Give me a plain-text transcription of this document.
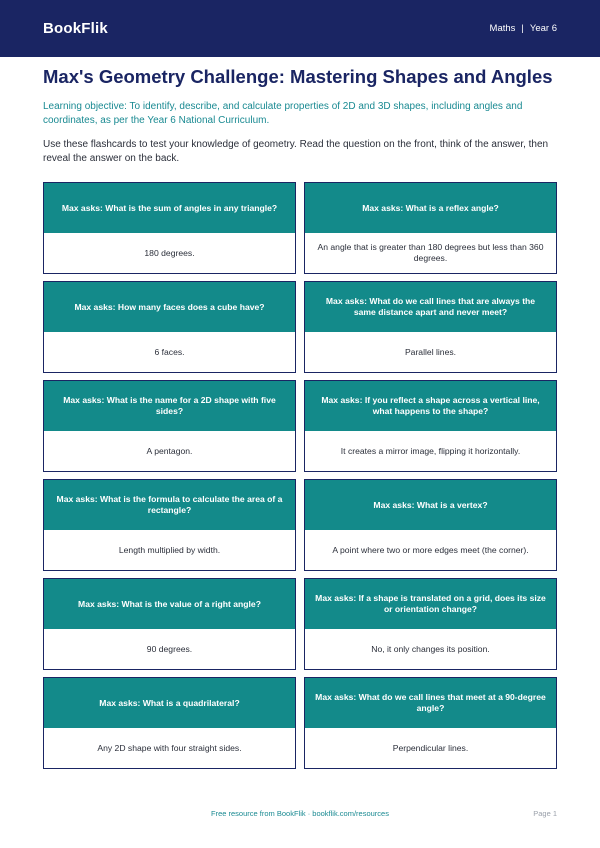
BookFlik	Maths | Year 6
Max's Geometry Challenge: Mastering Shapes and Angles

Learning objective: To identify, describe, and calculate properties of 2D and 3D shapes, including angles and coordinates, as per the Year 6 National Curriculum.

Use these flashcards to test your knowledge of geometry. Read the question on the front, think of the answer, then reveal the answer on the back.

Max asks: What is the sum of angles in any triangle?
180 degrees.
Max asks: What is a reflex angle?
An angle that is greater than 180 degrees but less than 360 degrees.
Max asks: How many faces does a cube have?
6 faces.
Max asks: What do we call lines that are always the same distance apart and never meet?
Parallel lines.
Max asks: What is the name for a 2D shape with five sides?
A pentagon.
Max asks: If you reflect a shape across a vertical line, what happens to the shape?
It creates a mirror image, flipping it horizontally.
Max asks: What is the formula to calculate the area of a rectangle?
Length multiplied by width.
Max asks: What is a vertex?
A point where two or more edges meet (the corner).
Max asks: What is the value of a right angle?
90 degrees.
Max asks: If a shape is translated on a grid, does its size or orientation change?
No, it only changes its position.
Max asks: What is a quadrilateral?
Any 2D shape with four straight sides.
Max asks: What do we call lines that meet at a 90-degree angle?
Perpendicular lines.
Free resource from BookFlik · bookflik.com/resources	Page 1
